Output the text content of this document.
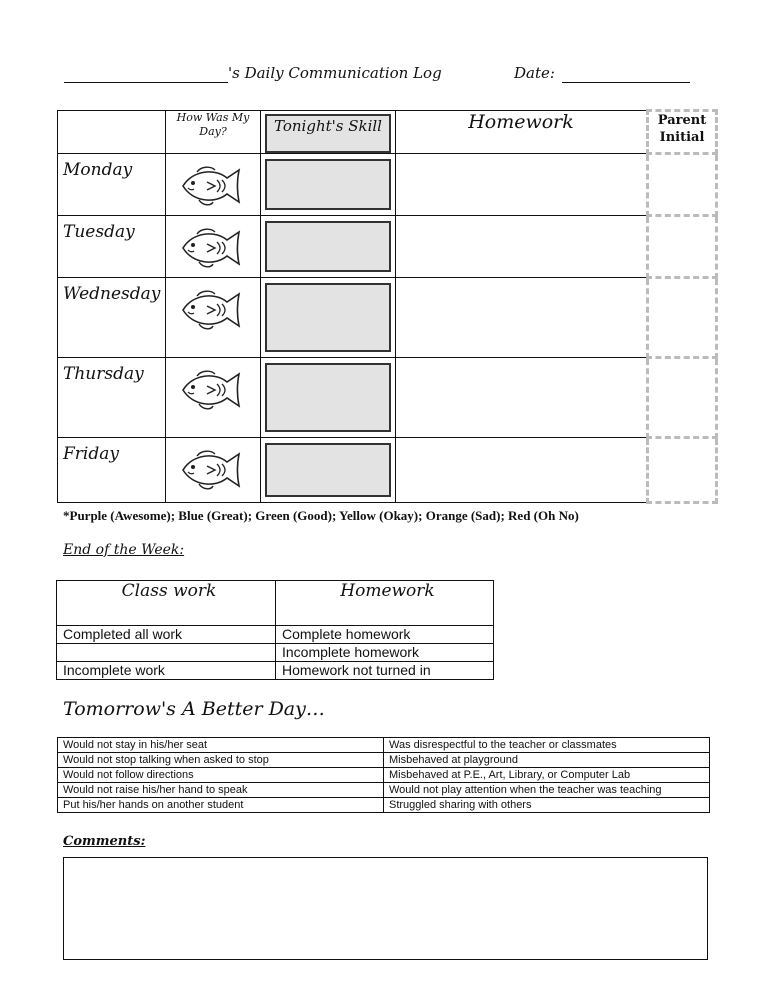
's Daily Communication Log	Date:
	How Was My Day?	Tonight's Skill	Homework	Parent Initial
Monday		

Tuesday		

Wednesday		

Thursday		

Friday		

*Purple (Awesome); Blue (Great); Green (Good); Yellow (Okay); Orange (Sad); Red (Oh No)
End of the Week:
Class work	Homework
Completed all work	Complete homework
	Incomplete homework
Incomplete work	Homework not turned in
Tomorrow's A Better Day…
Would not stay in his/her seat	Was disrespectful to the teacher or classmates
Would not stop talking when asked to stop	Misbehaved at playground
Would not follow directions	Misbehaved at P.E., Art, Library, or Computer Lab
Would not raise his/her hand to speak	Would not play attention when the teacher was teaching
Put his/her hands on another student	Struggled sharing with others
Comments:
